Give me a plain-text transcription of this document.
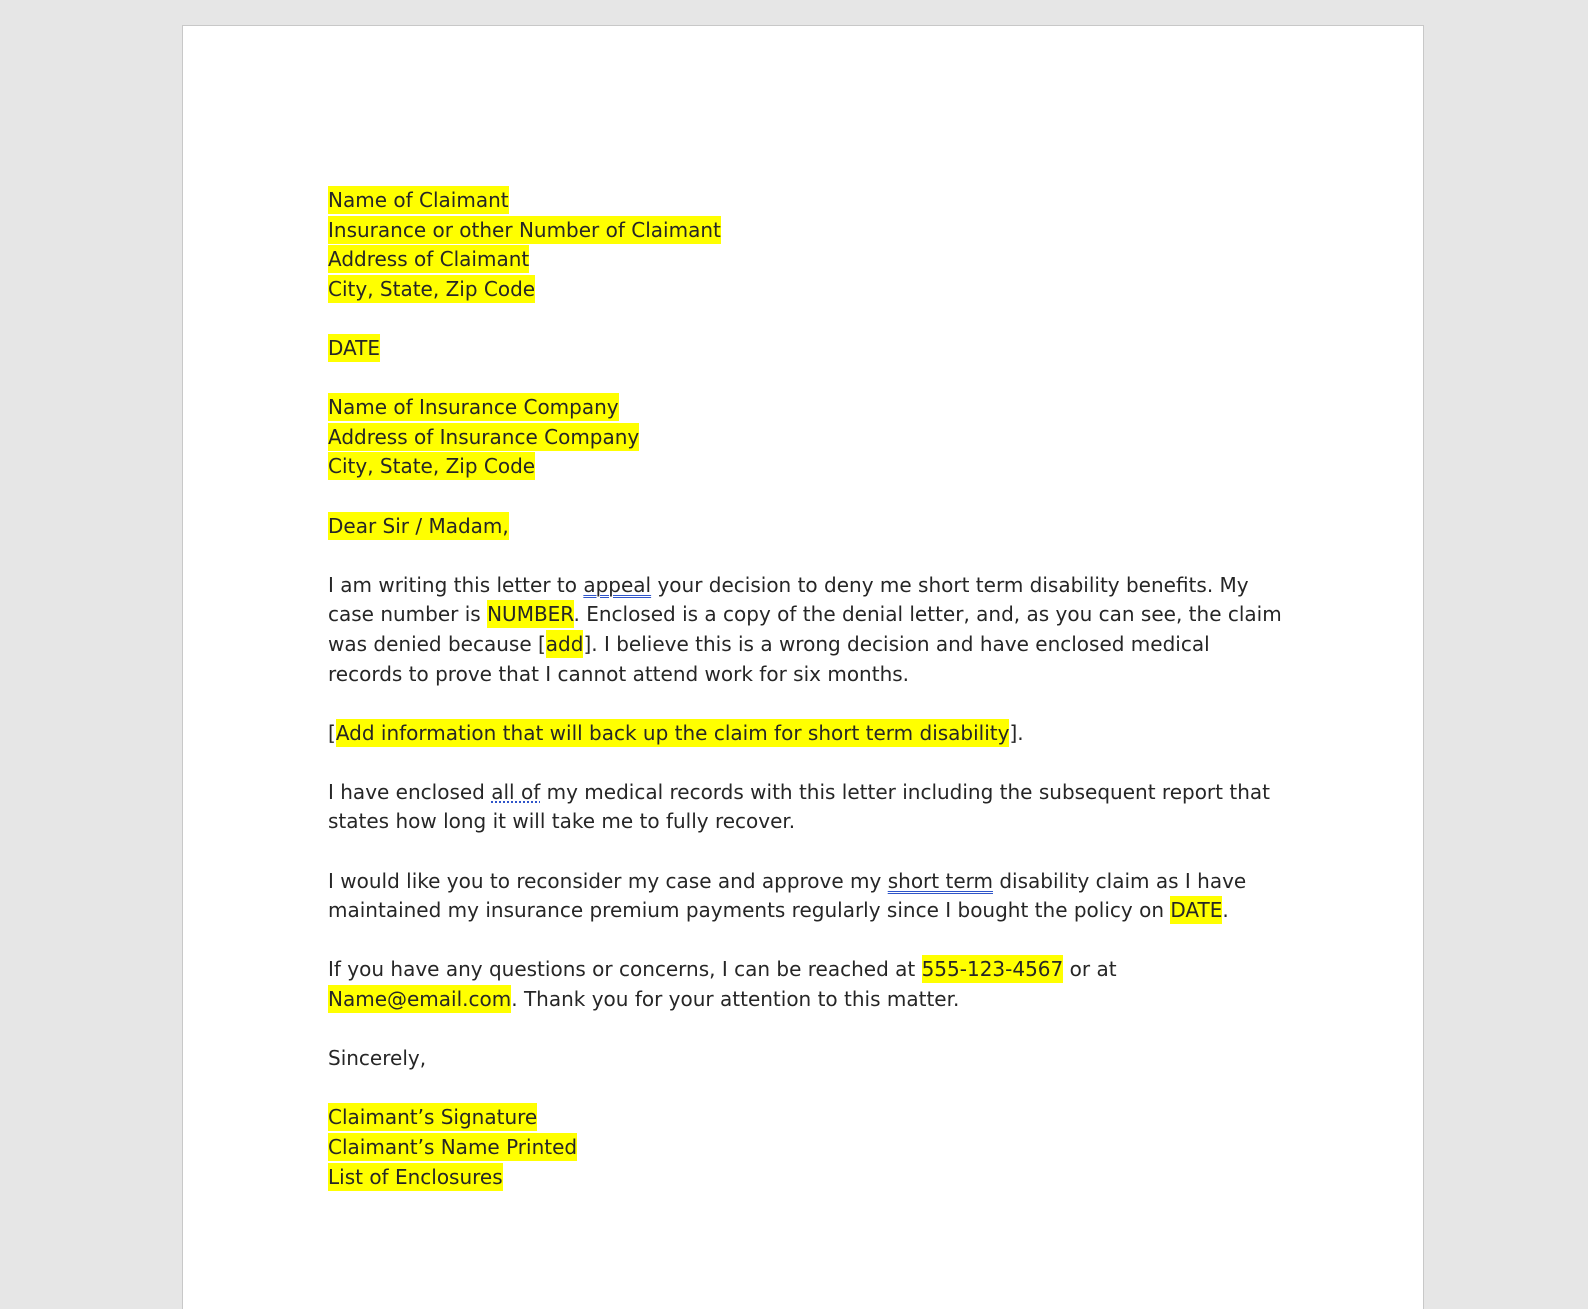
Name of Claimant
Insurance or other Number of Claimant
Address of Claimant
City, State, Zip Code
DATE
Name of Insurance Company
Address of Insurance Company
City, State, Zip Code
Dear Sir / Madam,

I am writing this letter to appeal your decision to deny me short term disability benefits. My case number is NUMBER. Enclosed is a copy of the denial letter, and, as you can see, the claim was denied because [add]. I believe this is a wrong decision and have enclosed medical records to prove that I cannot attend work for six months.

[Add information that will back up the claim for short term disability].

I have enclosed all of my medical records with this letter including the subsequent report that states how long it will take me to fully recover.

I would like you to reconsider my case and approve my short term disability claim as I have maintained my insurance premium payments regularly since I bought the policy on DATE.

If you have any questions or concerns, I can be reached at 555-123-4567 or at
Name@email.com. Thank you for your attention to this matter.

Sincerely,
Claimant’s Signature
Claimant’s Name Printed
List of Enclosures
